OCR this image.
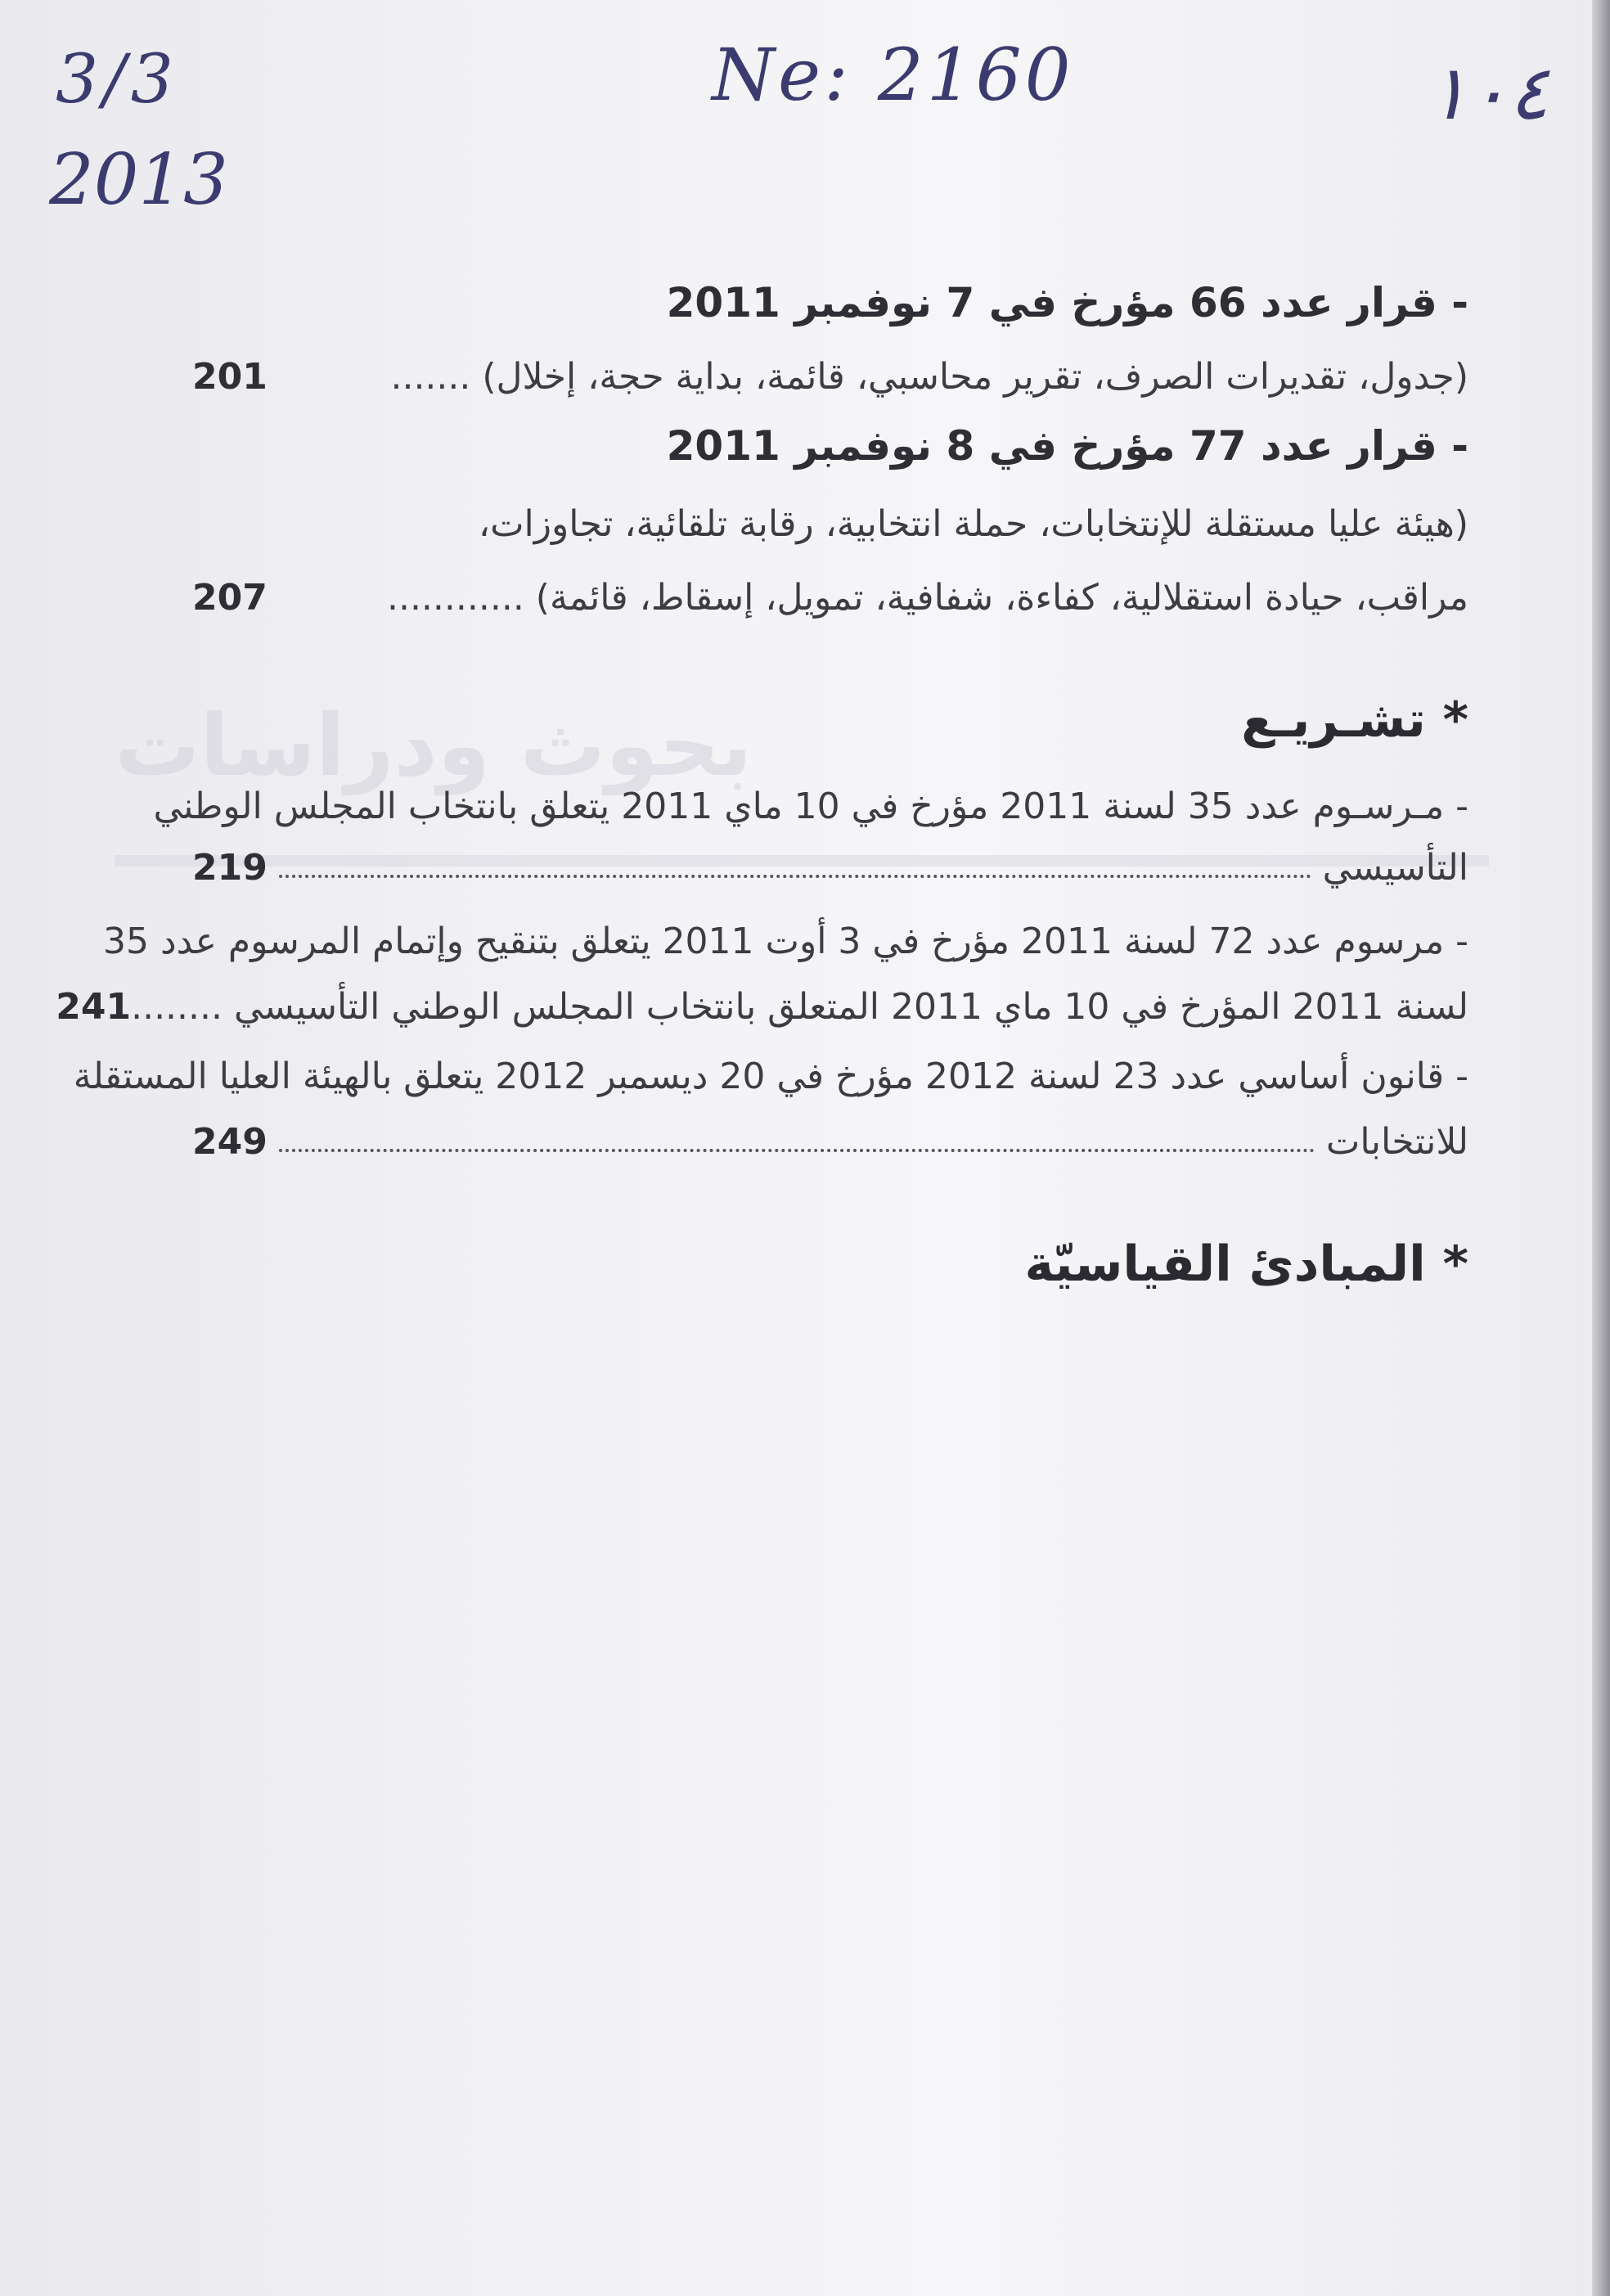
3/3
2013
Ne: 2160	١٠٤
بحوث ودراسات
- قرار عدد 66 مؤرخ في 7 نوفمبر 2011
(جدول، تقديرات الصرف، تقرير محاسبي، قائمة، بداية حجة، إخلال) .......
201
- قرار عدد 77 مؤرخ في 8 نوفمبر 2011
(هيئة عليا مستقلة للإنتخابات، حملة انتخابية، رقابة تلقائية، تجاوزات،
مراقب، حيادة استقلالية، كفاءة، شفافية، تمويل، إسقاط، قائمة) ............
207
* تشـريـع
- مـرسـوم عدد 35 لسنة 2011 مؤرخ في 10 ماي 2011 يتعلق بانتخاب المجلس الوطني
التأسيسي
219
- مرسوم عدد 72 لسنة 2011 مؤرخ في 3 أوت 2011 يتعلق بتنقيح وإتمام المرسوم عدد 35
لسنة 2011 المؤرخ في 10 ماي 2011 المتعلق بانتخاب المجلس الوطني التأسيسي ........
241
- قانون أساسي عدد 23 لسنة 2012 مؤرخ في 20 ديسمبر 2012 يتعلق بالهيئة العليا المستقلة
للانتخابات
249
* المبادئ القياسيّة
